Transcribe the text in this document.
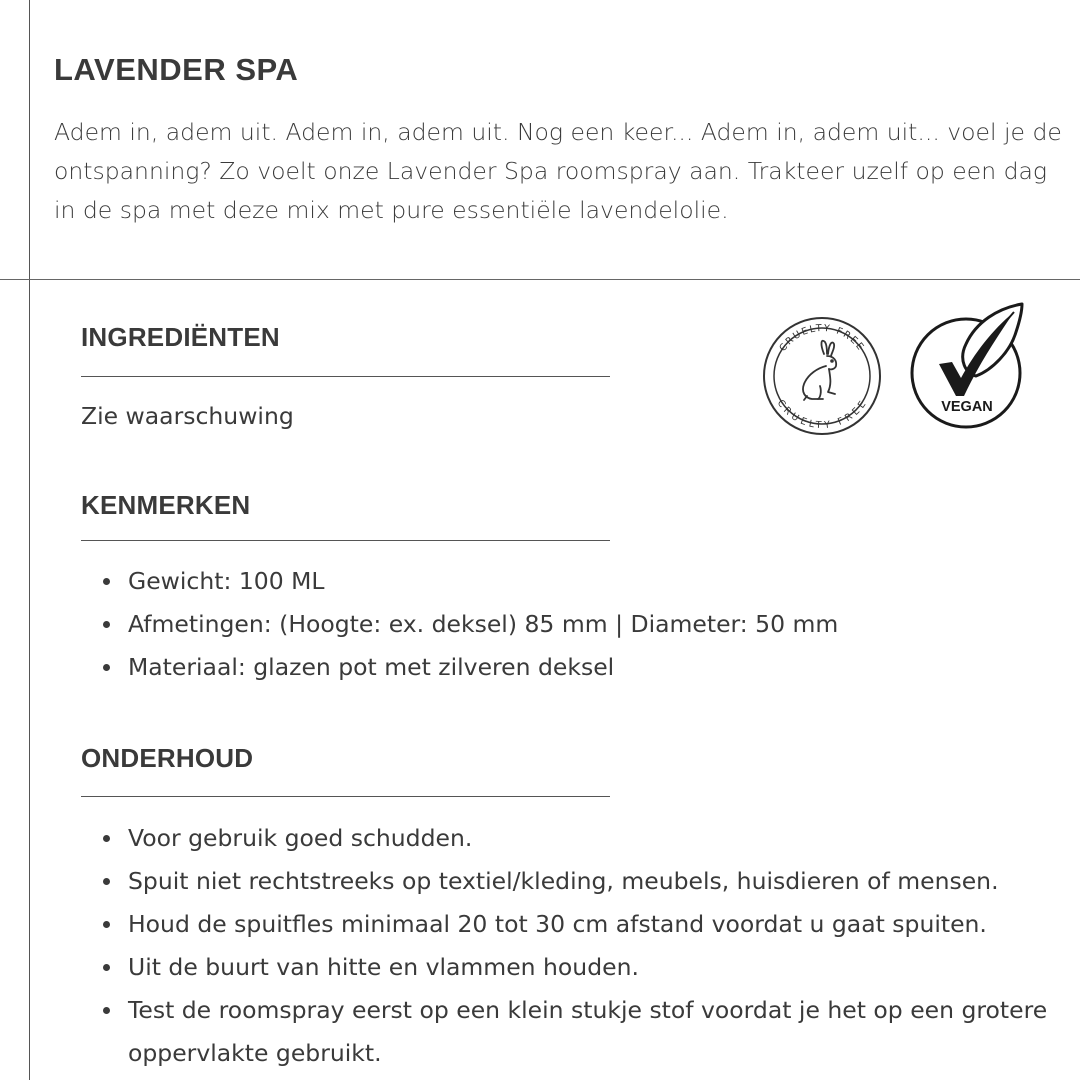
LAVENDER SPA

Adem in, adem uit. Adem in, adem uit. Nog een keer... Adem in, adem uit... voel je de ontspanning? Zo voelt onze Lavender Spa roomspray aan. Trakteer uzelf op een dag in de spa met deze mix met pure essentiële lavendelolie.

INGREDIËNTEN

Zie waarschuwing

KENMERKEN
Gewicht: 100 ML
Afmetingen: (Hoogte: ex. deksel) 85 mm | Diameter: 50 mm
Materiaal: glazen pot met zilveren deksel
ONDERHOUD
Voor gebruik goed schudden.
Spuit niet rechtstreeks op textiel/kleding, meubels, huisdieren of mensen.
Houd de spuitfles minimaal 20 tot 30 cm afstand voordat u gaat spuiten.
Uit de buurt van hitte en vlammen houden.
Test de roomspray eerst op een klein stukje stof voordat je het op een grotere oppervlakte gebruikt.
CRUELTY FREE
CRUELTY FREE	VEGAN
